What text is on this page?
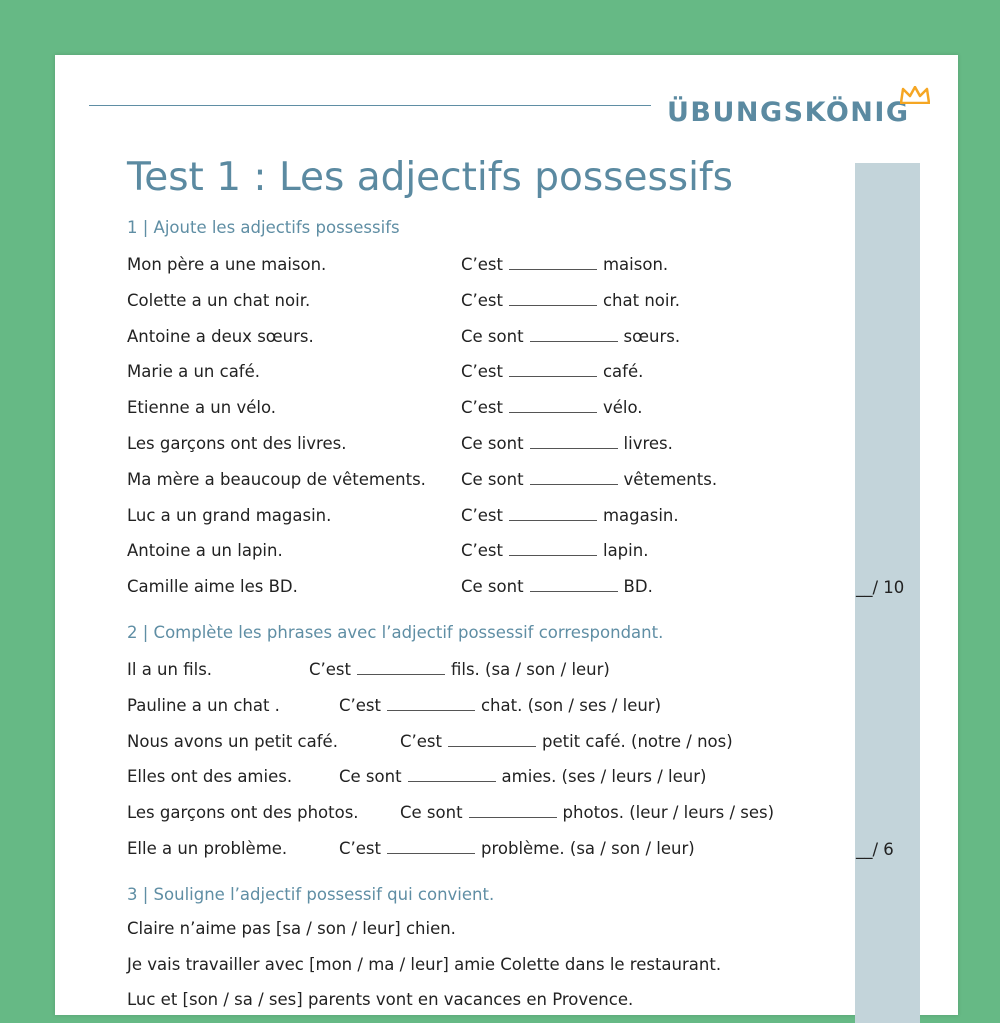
ÜBUNGSKÖNIG
Test 1 : Les adjectifs possessifs
1 | Ajoute les adjectifs possessifs
Mon père a une maison.	C’est	maison.
Colette a un chat noir.	C’est	chat noir.
Antoine a deux sœurs.	Ce sont	sœurs.
Marie a un café.	C’est	café.
Etienne a un vélo.	C’est	vélo.
Les garçons ont des livres.	Ce sont	livres.
Ma mère a beaucoup de vêtements. Ce sont	vêtements.
Luc a un grand magasin.	C’est	magasin.
Antoine a un lapin.	C’est	lapin.
Camille aime les BD.	Ce sont	BD.	__/ 10
2 | Complète les phrases avec l’adjectif possessif correspondant.
Il a un fils.	C’est	fils. (sa / son / leur)
Pauline a un chat .	C’est	chat. (son / ses / leur)
Nous avons un petit café.	C’est	petit café. (notre / nos)
Elles ont des amies.	Ce sont	amies. (ses / leurs / leur)
Les garçons ont des photos.	Ce sont	photos. (leur / leurs / ses)
Elle a un problème.	C’est	problème. (sa / son / leur)	__/ 6
3 | Souligne l’adjectif possessif qui convient.
Claire n’aime pas [sa / son / leur] chien.
Je vais travailler avec [mon / ma / leur] amie Colette dans le restaurant.
Luc et [son / sa / ses] parents vont en vacances en Provence.
